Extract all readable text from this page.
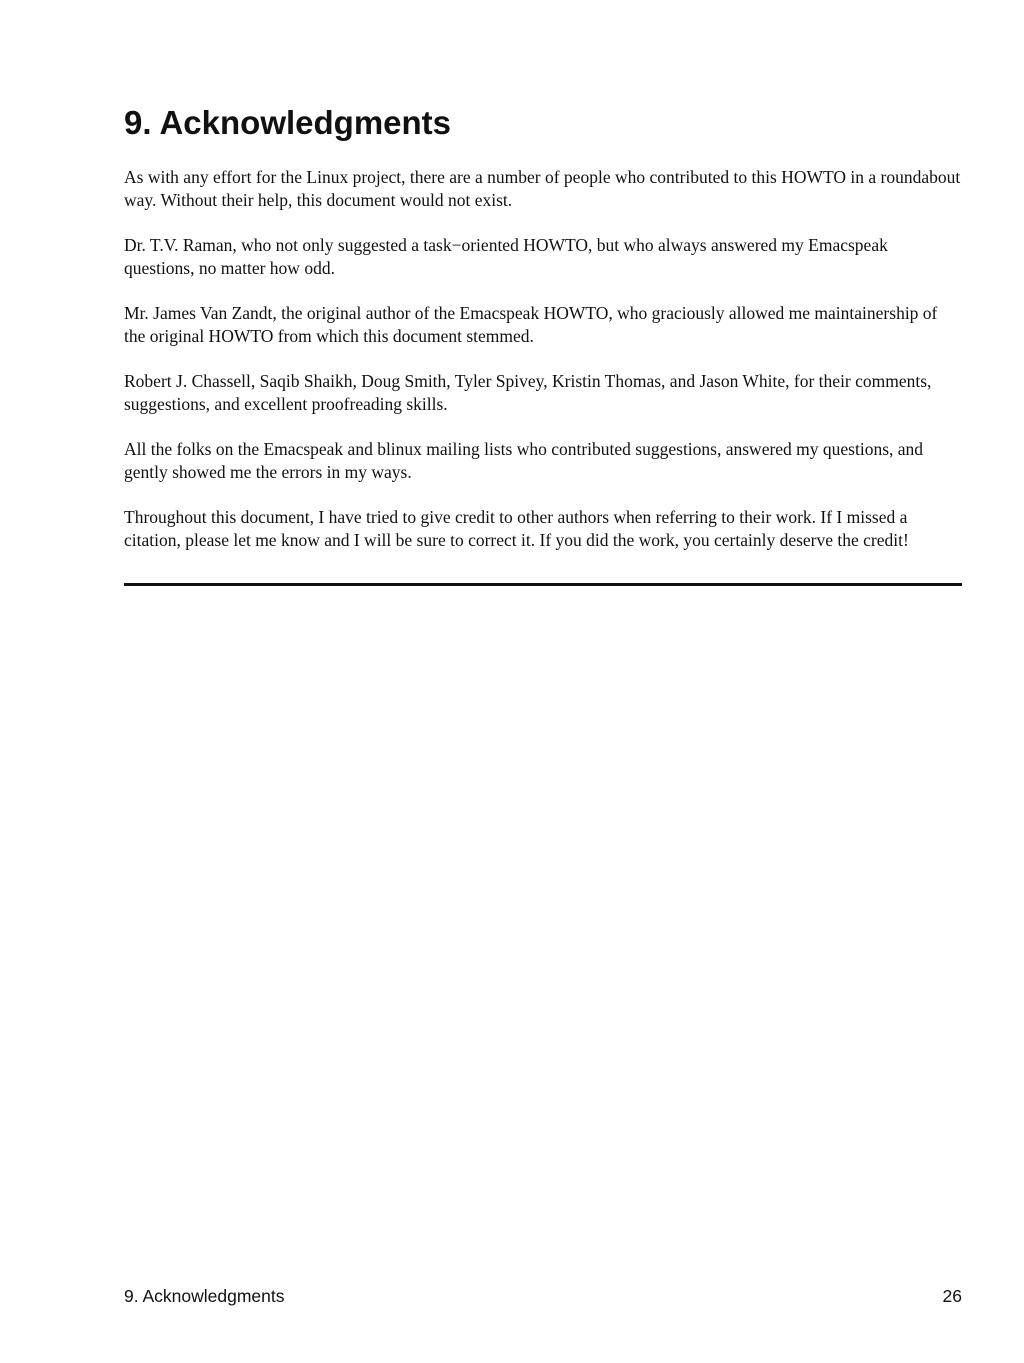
9. Acknowledgments

As with any effort for the Linux project, there are a number of people who contributed to this HOWTO in a roundabout way. Without their help, this document would not exist.

Dr. T.V. Raman, who not only suggested a task−oriented HOWTO, but who always answered my Emacspeak questions, no matter how odd.

Mr. James Van Zandt, the original author of the Emacspeak HOWTO, who graciously allowed me maintainership of the original HOWTO from which this document stemmed.

Robert J. Chassell, Saqib Shaikh, Doug Smith, Tyler Spivey, Kristin Thomas, and Jason White, for their comments, suggestions, and excellent proofreading skills.

All the folks on the Emacspeak and blinux mailing lists who contributed suggestions, answered my questions, and gently showed me the errors in my ways.

Throughout this document, I have tried to give credit to other authors when referring to their work. If I missed a citation, please let me know and I will be sure to correct it. If you did the work, you certainly deserve the credit!

9. Acknowledgments	26
